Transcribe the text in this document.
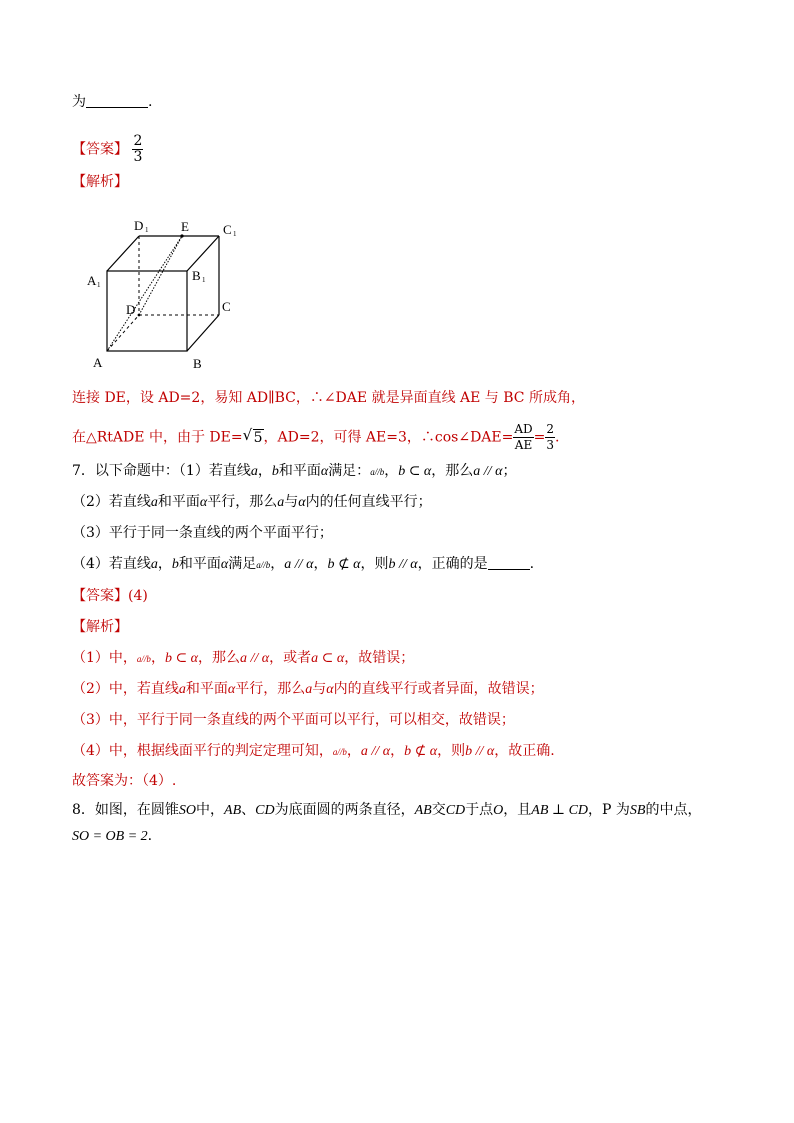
为	.
【答案】 $\frac{2}{3}$
【解析】
D 1	E	C 1
A 1
B 1
D	C
A	B
连接 DE，设 AD=2，易知 AD∥BC，∴∠DAE 就是异面直线 AE 与 BC 所成角，
在△RtADE 中，由于 DE= √ 5，AD=2，可得 AE=3，∴cos∠DAE= $\frac{AD}{AE} = \frac{2}{3}$ .
7．以下命题中：（1）若直线a，b和平面α满足：a//b，b ⊂ α，那么a // α；
（2）若直线a和平面α平行，那么a与α内的任何直线平行；
（3）平行于同一条直线的两个平面平行；
（4）若直线a，b和平面α满足a//b，a // α，b ⊄ α，则b // α，正确的是	.
【答案】(4)
【解析】
（1）中，a//b，b ⊂ α，那么a // α，或者a ⊂ α，故错误；
（2）中，若直线a和平面α平行，那么a与α内的直线平行或者异面，故错误；
（3）中，平行于同一条直线的两个平面可以平行，可以相交，故错误；
（4）中，根据线面平行的判定定理可知，a//b，a // α，b ⊄ α，则b // α，故正确.
故答案为：（4）.
8．如图，在圆锥SO中，AB、CD为底面圆的两条直径，AB交CD于点O，且AB ⊥ CD，P 为SB的中点，
SO = OB = 2.
